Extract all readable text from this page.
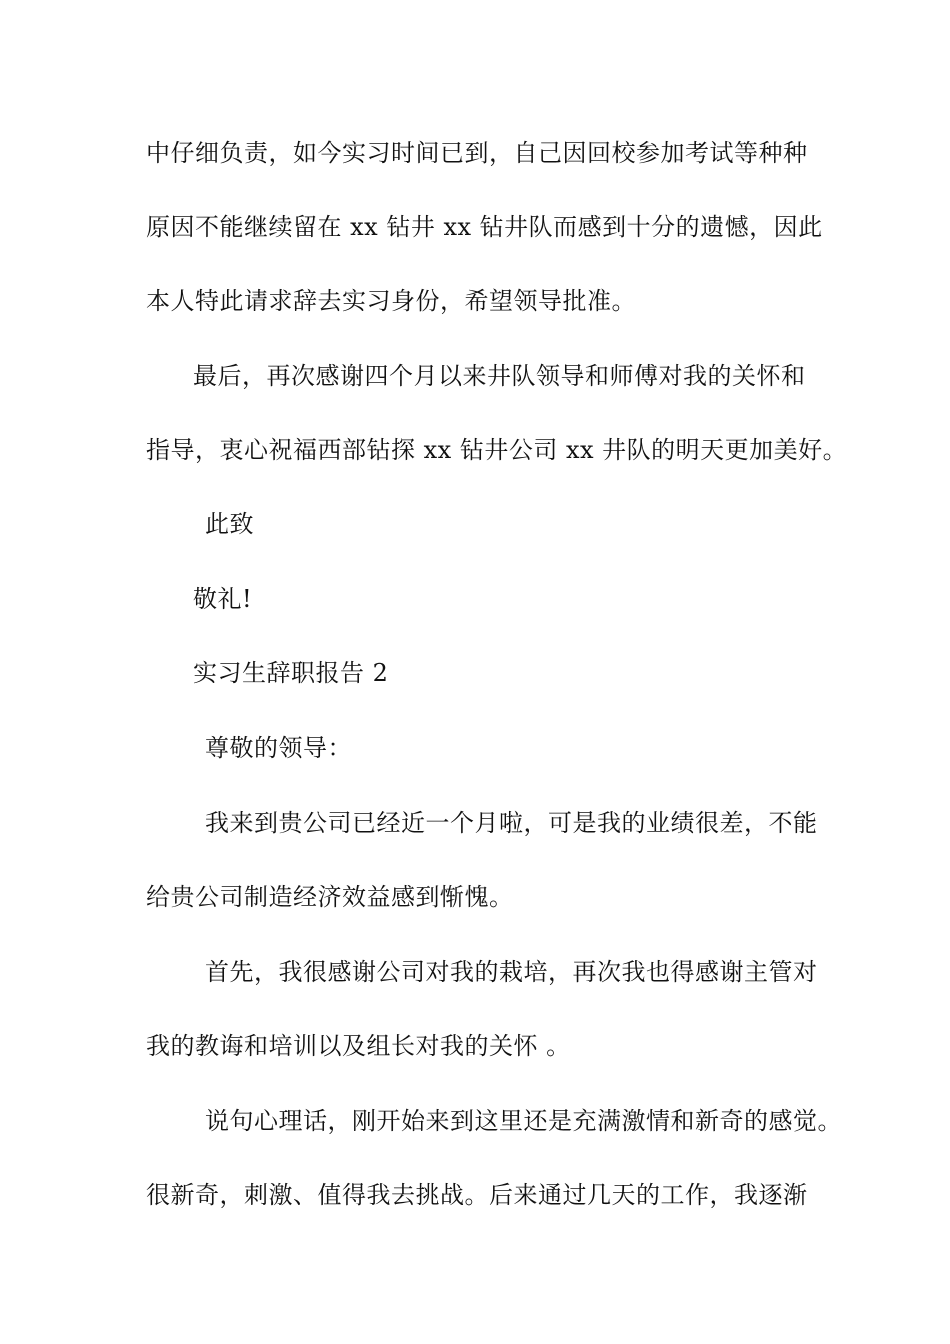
中仔细负责，如今实习时间已到，自己因回校参加考试等种种
原因不能继续留在 xx 钻井 xx 钻井队而感到十分的遗憾，因此
本人特此请求辞去实习身份，希望领导批准。
最后，再次感谢四个月以来井队领导和师傅对我的关怀和
指导，衷心祝福西部钻探 xx 钻井公司 xx 井队的明天更加美好。
此致
敬礼!
实习生辞职报告 2
尊敬的领导：
我来到贵公司已经近一个月啦，可是我的业绩很差，不能
给贵公司制造经济效益感到惭愧。
首先，我很感谢公司对我的栽培，再次我也得感谢主管对
我的教诲和培训以及组长对我的关怀 。
说句心理话，刚开始来到这里还是充满激情和新奇的感觉。
很新奇，刺激、值得我去挑战。后来通过几天的工作，我逐渐
